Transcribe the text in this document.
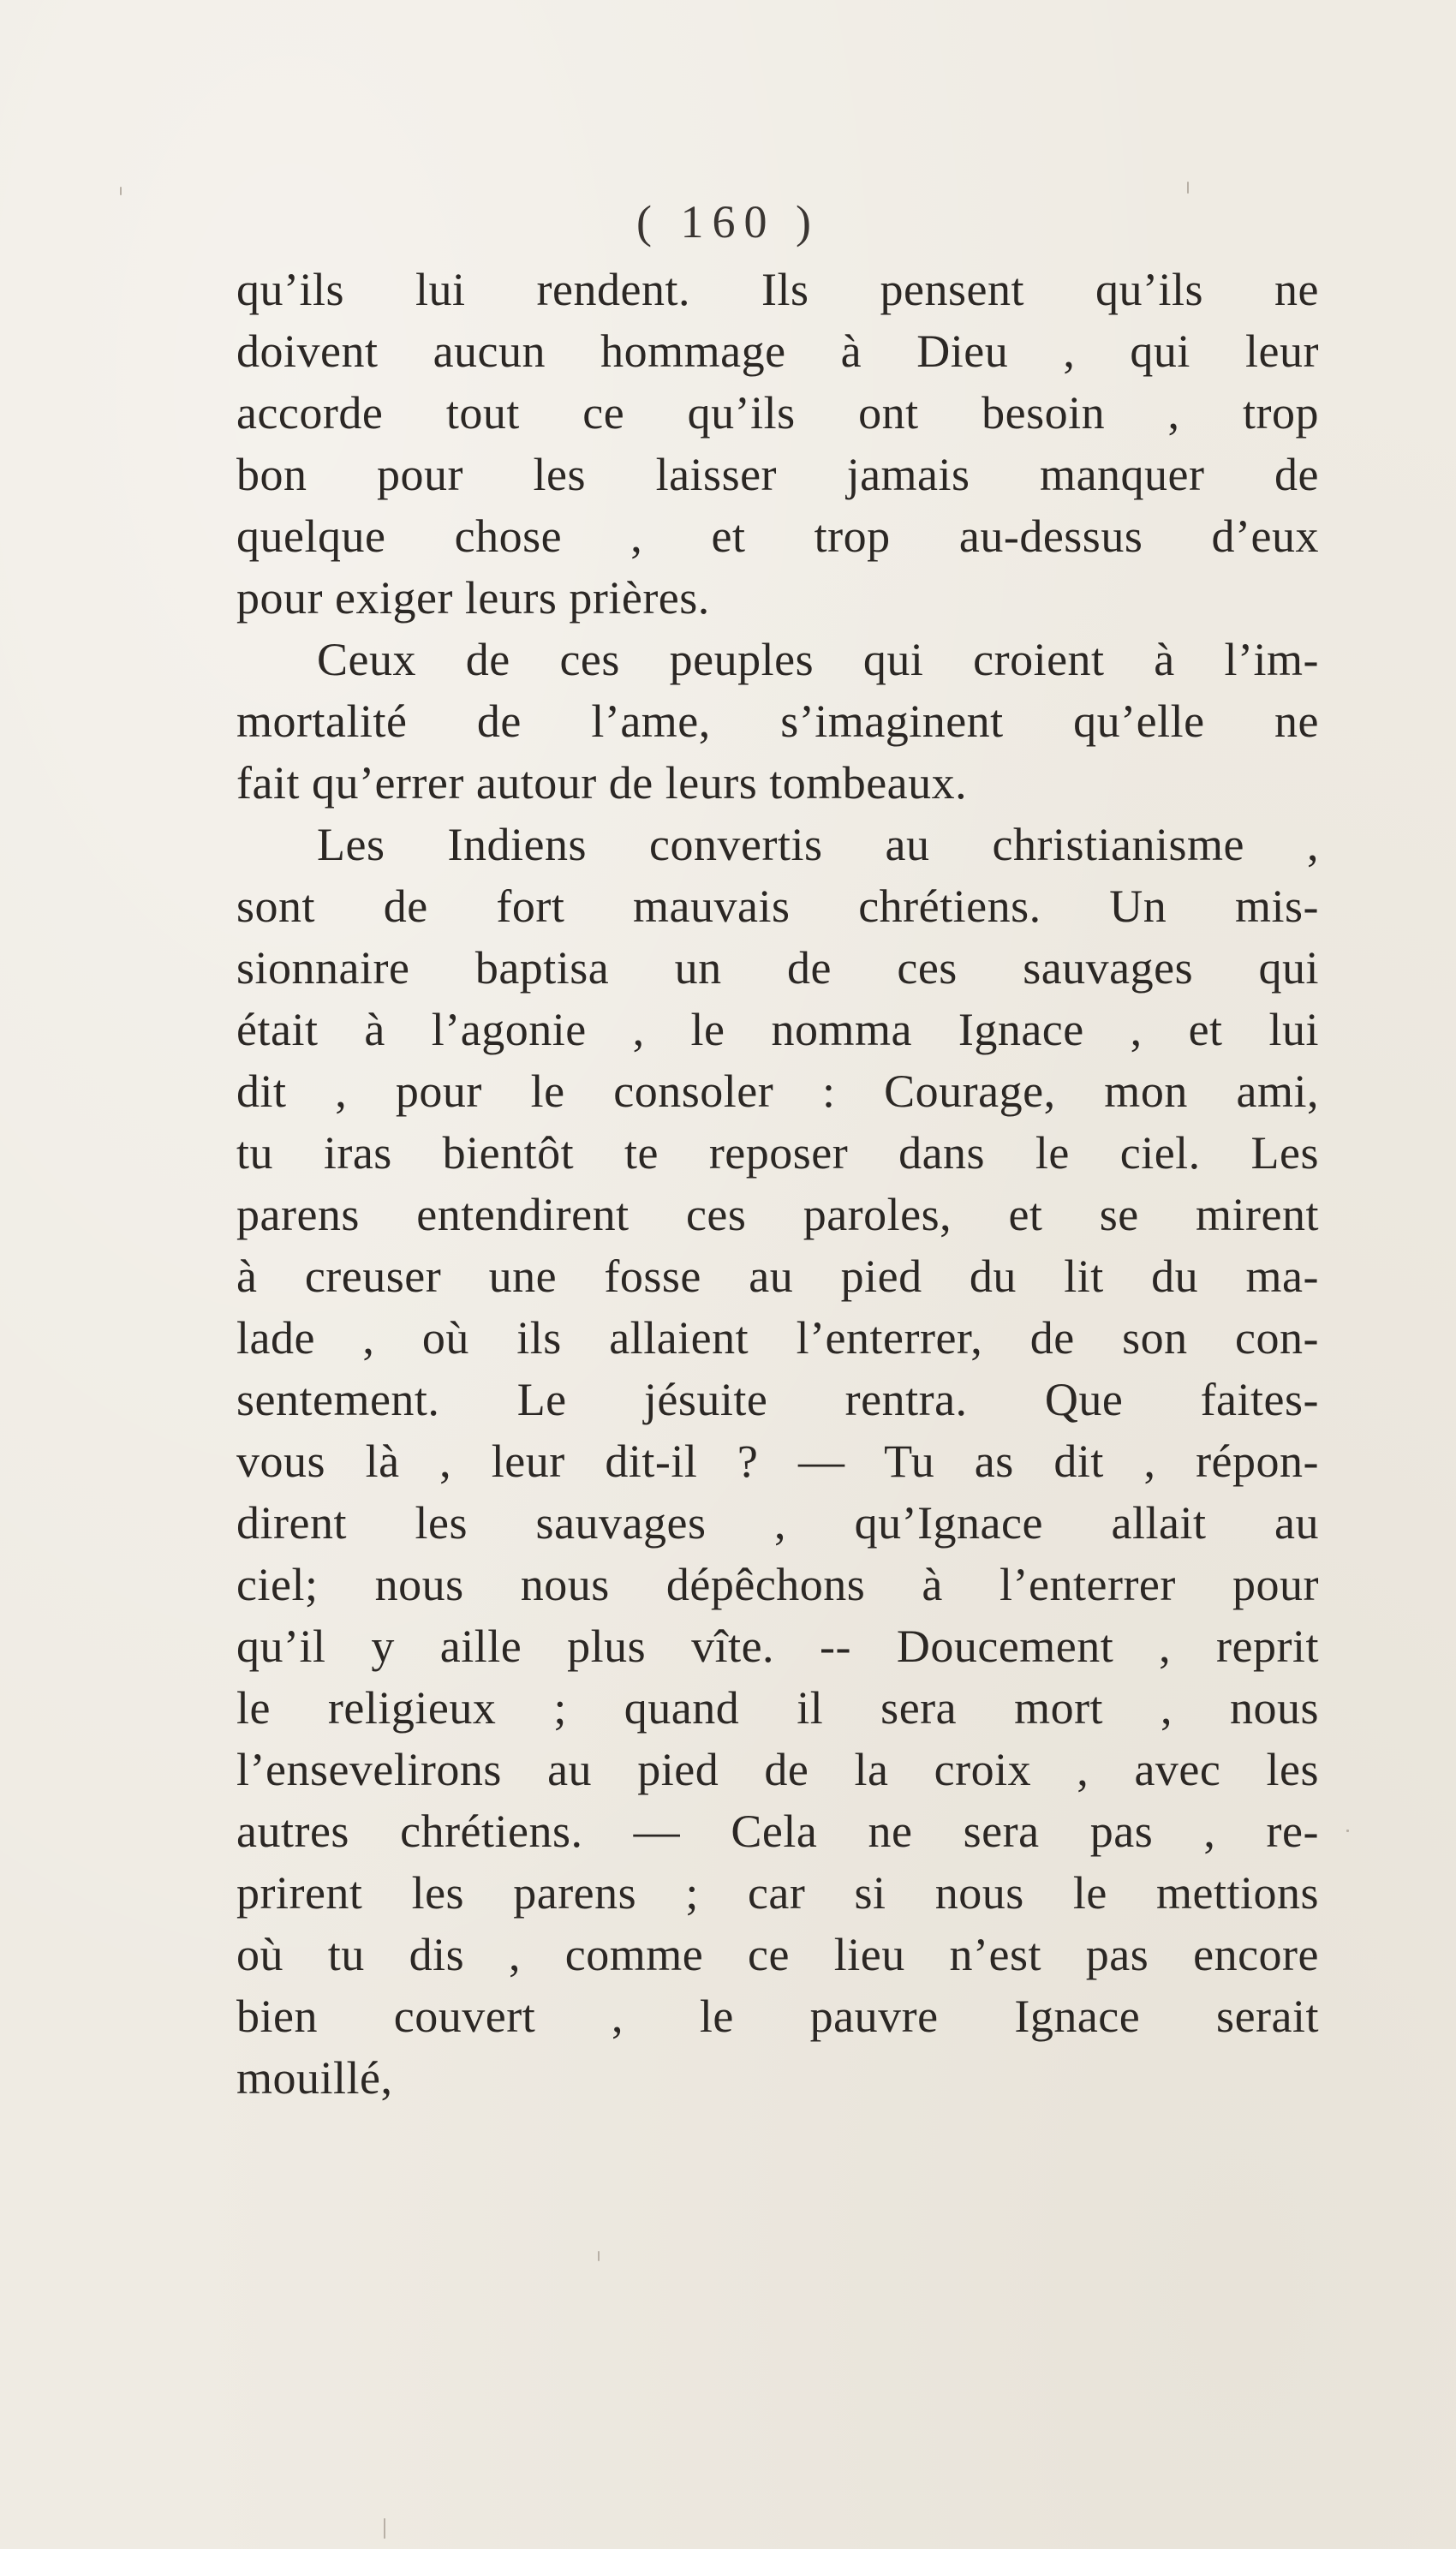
( 160 )
qu’ils lui rendent. Ils pensent qu’ils ne
doivent aucun hommage à Dieu , qui leur
accorde tout ce qu’ils ont besoin , trop
bon pour les laisser jamais manquer de
quelque chose , et trop au-dessus d’eux
pour exiger leurs prières.
Ceux de ces peuples qui croient à l’im-
mortalité de l’ame, s’imaginent qu’elle ne
fait qu’errer autour de leurs tombeaux.
Les Indiens convertis au christianisme ,
sont de fort mauvais chrétiens. Un mis-
sionnaire baptisa un de ces sauvages qui
était à l’agonie , le nomma Ignace , et lui
dit , pour le consoler : Courage, mon ami,
tu iras bientôt te reposer dans le ciel. Les
parens entendirent ces paroles, et se mirent
à creuser une fosse au pied du lit du ma-
lade , où ils allaient l’enterrer, de son con-
sentement. Le jésuite rentra. Que faites-
vous là , leur dit-il ? — Tu as dit , répon-
dirent les sauvages , qu’Ignace allait au
ciel; nous nous dépêchons à l’enterrer pour
qu’il y aille plus vîte. -- Doucement , reprit
le religieux ; quand il sera mort , nous
l’ensevelirons au pied de la croix , avec les
autres chrétiens. — Cela ne sera pas , re-
prirent les parens ; car si nous le mettions
où tu dis , comme ce lieu n’est pas encore
bien couvert , le pauvre Ignace serait
mouillé,
